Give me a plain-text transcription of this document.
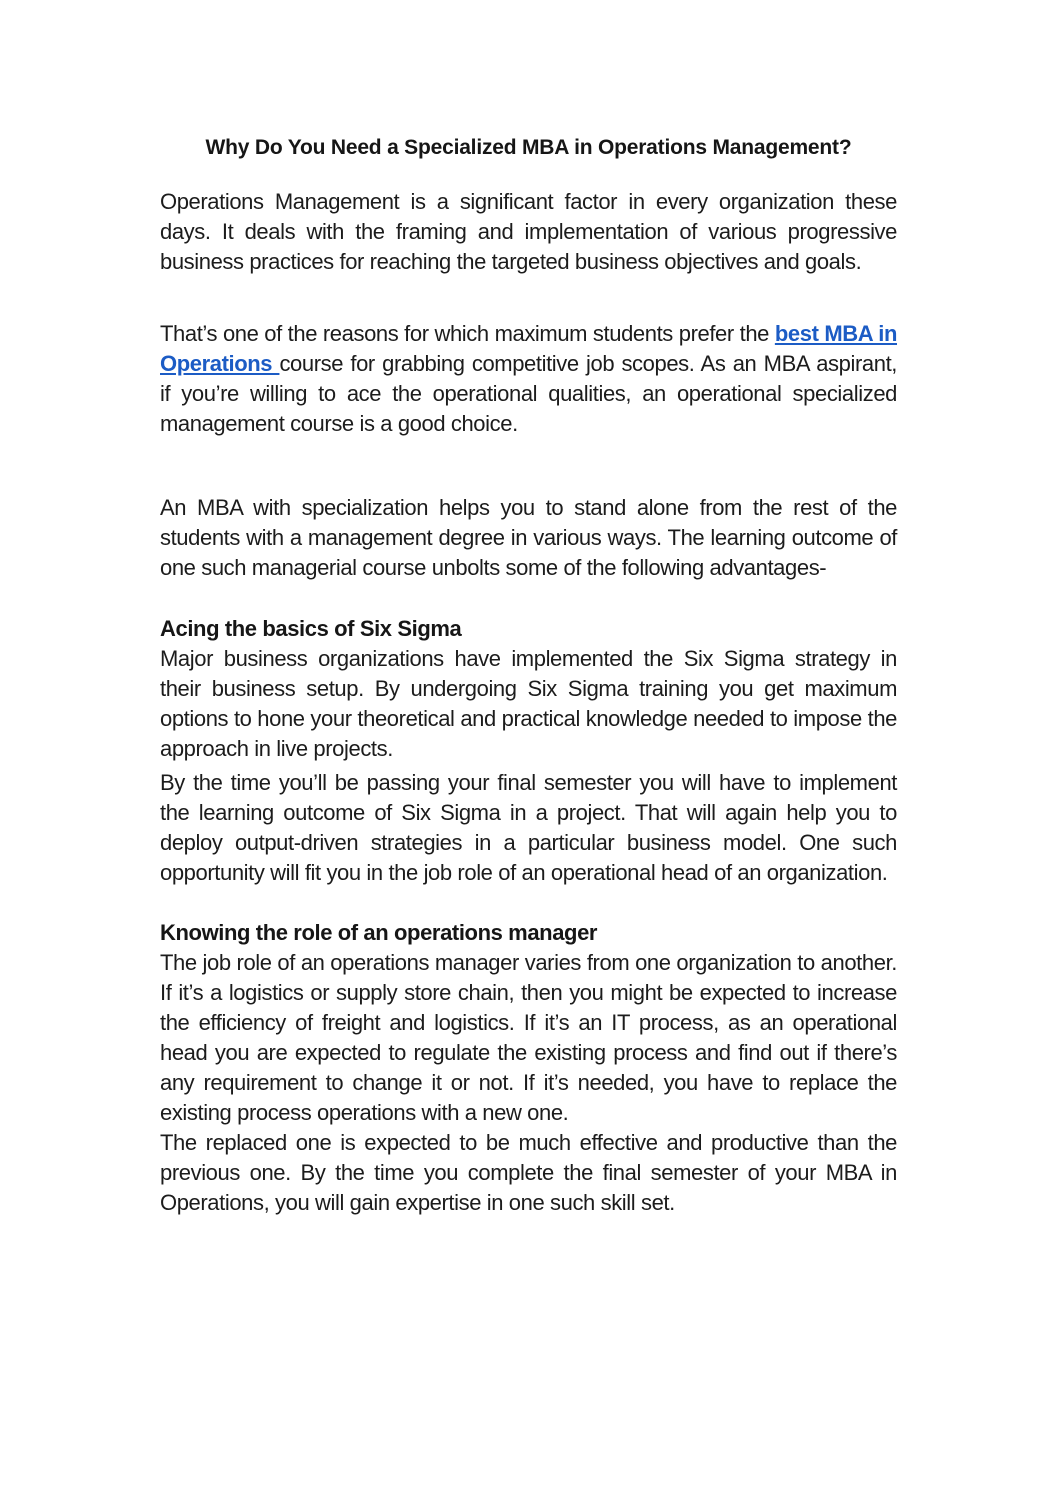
Why Do You Need a Specialized MBA in Operations Management?

Operations Management is a significant factor in every organization these days. It deals with the framing and implementation of various progressive business practices for reaching the targeted business objectives and goals.

That’s one of the reasons for which maximum students prefer the best MBA in Operations course for grabbing competitive job scopes. As an MBA aspirant, if you’re willing to ace the operational qualities, an operational specialized management course is a good choice.

An MBA with specialization helps you to stand alone from the rest of the students with a management degree in various ways. The learning outcome of one such managerial course unbolts some of the following advantages-

Acing the basics of Six Sigma

Major business organizations have implemented the Six Sigma strategy in their business setup. By undergoing Six Sigma training you get maximum options to hone your theoretical and practical knowledge needed to impose the approach in live projects.

By the time you’ll be passing your final semester you will have to implement the learning outcome of Six Sigma in a project. That will again help you to deploy output-driven strategies in a particular business model. One such opportunity will fit you in the job role of an operational head of an organization.

Knowing the role of an operations manager

The job role of an operations manager varies from one organization to another. If it’s a logistics or supply store chain, then you might be expected to increase the efficiency of freight and logistics. If it’s an IT process, as an operational head you are expected to regulate the existing process and find out if there’s any requirement to change it or not. If it’s needed, you have to replace the existing process operations with a new one.

The replaced one is expected to be much effective and productive than the previous one. By the time you complete the final semester of your MBA in Operations, you will gain expertise in one such skill set.
